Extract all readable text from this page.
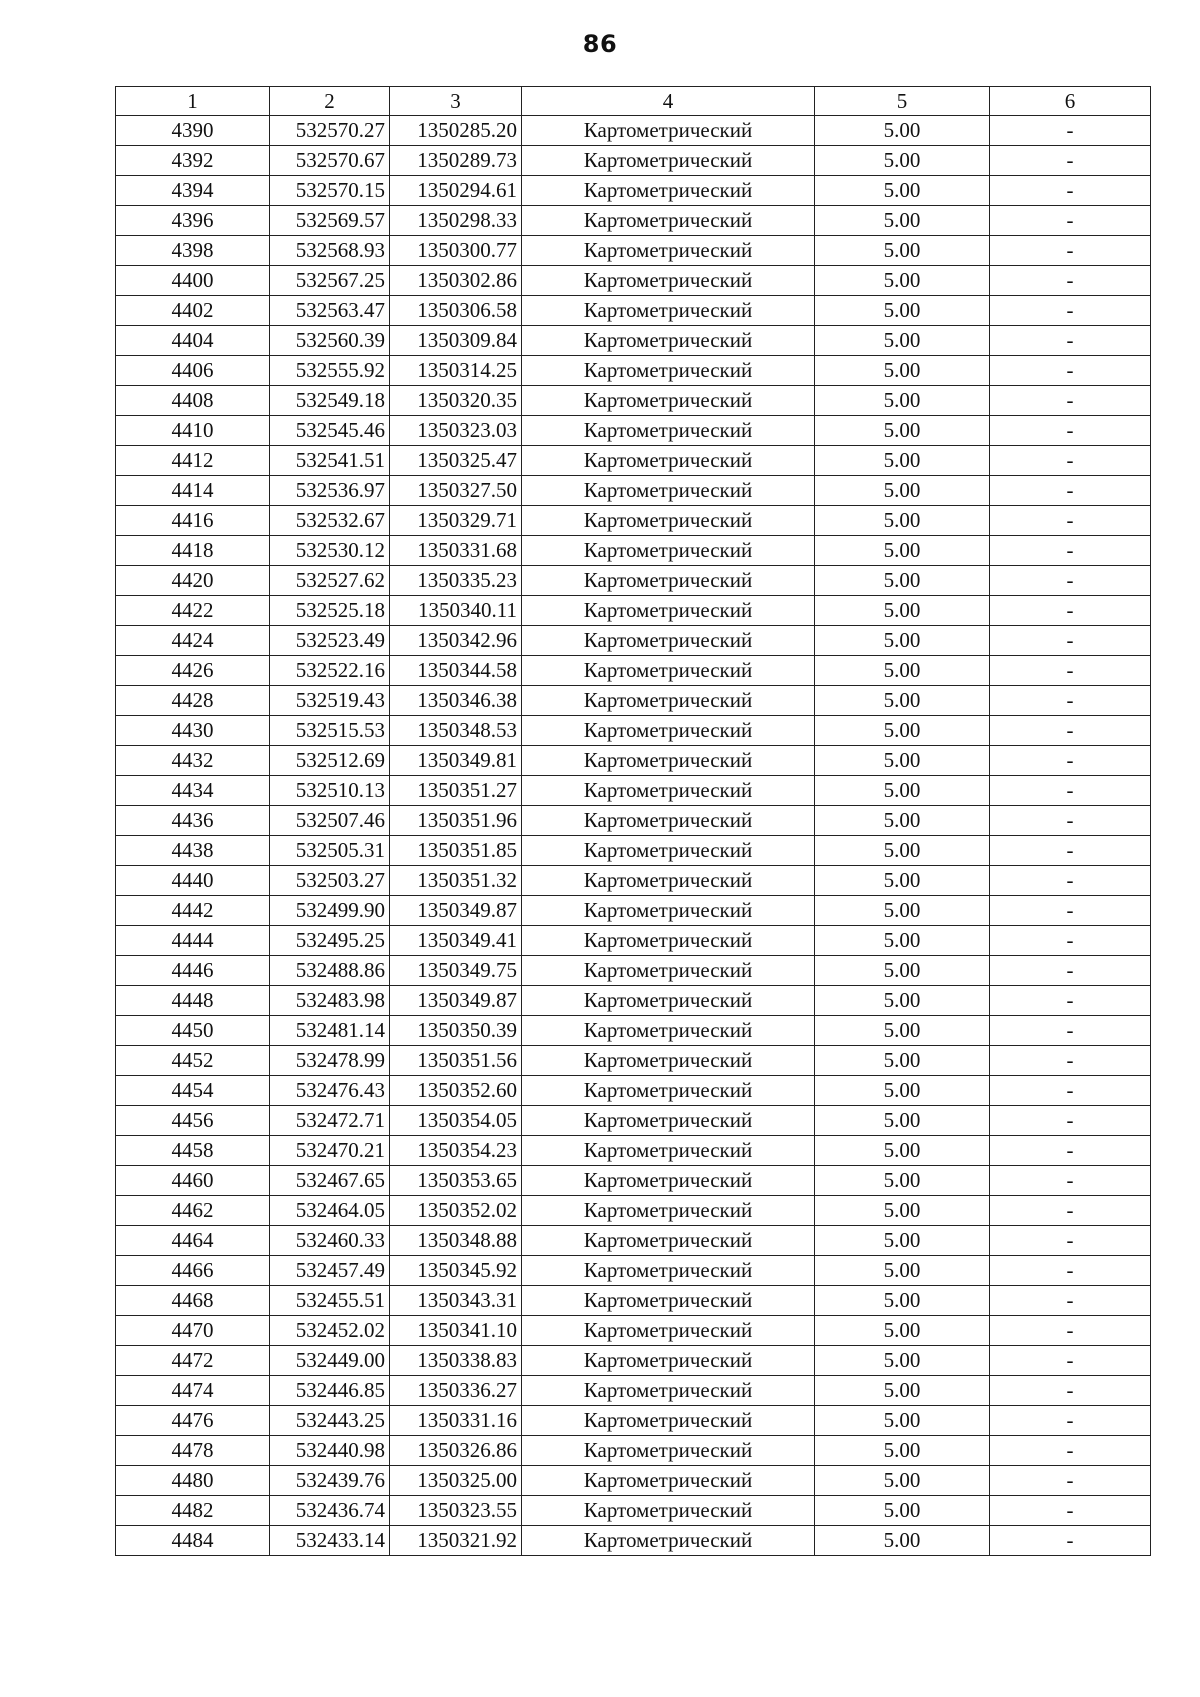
86
1	2	3	4	5	6
4390	532570.27	1350285.20	Картометрический	5.00	-
4392	532570.67	1350289.73	Картометрический	5.00	-
4394	532570.15	1350294.61	Картометрический	5.00	-
4396	532569.57	1350298.33	Картометрический	5.00	-
4398	532568.93	1350300.77	Картометрический	5.00	-
4400	532567.25	1350302.86	Картометрический	5.00	-
4402	532563.47	1350306.58	Картометрический	5.00	-
4404	532560.39	1350309.84	Картометрический	5.00	-
4406	532555.92	1350314.25	Картометрический	5.00	-
4408	532549.18	1350320.35	Картометрический	5.00	-
4410	532545.46	1350323.03	Картометрический	5.00	-
4412	532541.51	1350325.47	Картометрический	5.00	-
4414	532536.97	1350327.50	Картометрический	5.00	-
4416	532532.67	1350329.71	Картометрический	5.00	-
4418	532530.12	1350331.68	Картометрический	5.00	-
4420	532527.62	1350335.23	Картометрический	5.00	-
4422	532525.18	1350340.11	Картометрический	5.00	-
4424	532523.49	1350342.96	Картометрический	5.00	-
4426	532522.16	1350344.58	Картометрический	5.00	-
4428	532519.43	1350346.38	Картометрический	5.00	-
4430	532515.53	1350348.53	Картометрический	5.00	-
4432	532512.69	1350349.81	Картометрический	5.00	-
4434	532510.13	1350351.27	Картометрический	5.00	-
4436	532507.46	1350351.96	Картометрический	5.00	-
4438	532505.31	1350351.85	Картометрический	5.00	-
4440	532503.27	1350351.32	Картометрический	5.00	-
4442	532499.90	1350349.87	Картометрический	5.00	-
4444	532495.25	1350349.41	Картометрический	5.00	-
4446	532488.86	1350349.75	Картометрический	5.00	-
4448	532483.98	1350349.87	Картометрический	5.00	-
4450	532481.14	1350350.39	Картометрический	5.00	-
4452	532478.99	1350351.56	Картометрический	5.00	-
4454	532476.43	1350352.60	Картометрический	5.00	-
4456	532472.71	1350354.05	Картометрический	5.00	-
4458	532470.21	1350354.23	Картометрический	5.00	-
4460	532467.65	1350353.65	Картометрический	5.00	-
4462	532464.05	1350352.02	Картометрический	5.00	-
4464	532460.33	1350348.88	Картометрический	5.00	-
4466	532457.49	1350345.92	Картометрический	5.00	-
4468	532455.51	1350343.31	Картометрический	5.00	-
4470	532452.02	1350341.10	Картометрический	5.00	-
4472	532449.00	1350338.83	Картометрический	5.00	-
4474	532446.85	1350336.27	Картометрический	5.00	-
4476	532443.25	1350331.16	Картометрический	5.00	-
4478	532440.98	1350326.86	Картометрический	5.00	-
4480	532439.76	1350325.00	Картометрический	5.00	-
4482	532436.74	1350323.55	Картометрический	5.00	-
4484	532433.14	1350321.92	Картометрический	5.00	-
